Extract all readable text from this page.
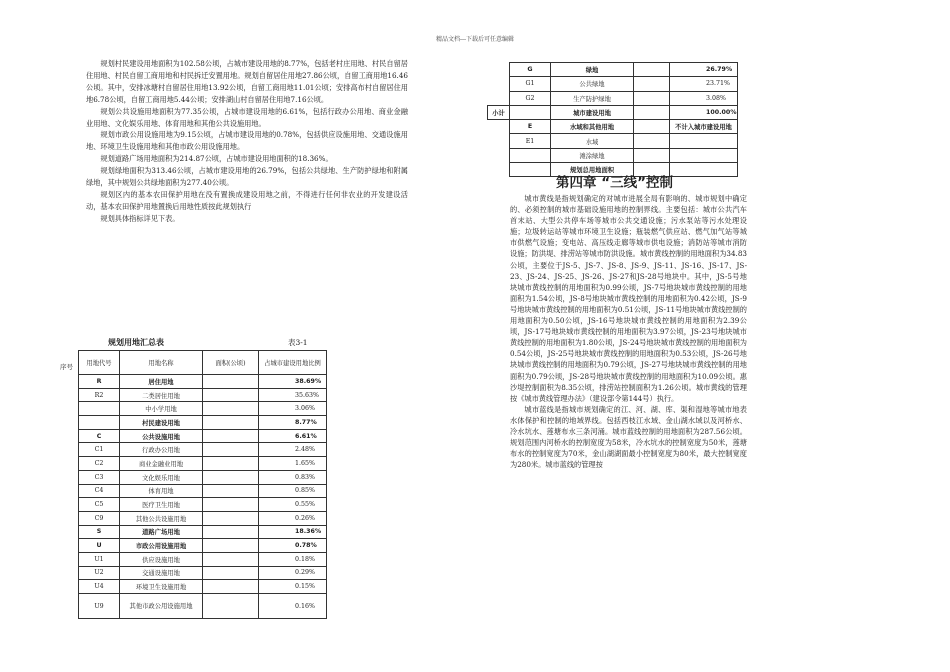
精品文档---下载后可任意编辑

规划村民建设用地面积为102.58公顷，占城市建设用地的8.77%，包括老村庄用地、村民自留居住用地、村民自留工商用地和村民拆迁安置用地。规划自留居住用地27.86公顷，自留工商用地16.46公顷。其中，安排冰塘村自留居住用地13.92公顷，自留工商用地11.01公顷；安排高布村自留居住用地6.78公顷，自留工商用地5.44公顷；安排湖山村自留居住用地7.16公顷。

规划公共设施用地面积为77.35公顷，占城市建设用地的6.61%，包括行政办公用地、商业金融业用地、文化娱乐用地、体育用地和其他公共设施用地。

规划市政公用设施用地为9.15公顷，占城市建设用地的0.78%，包括供应设施用地、交通设施用地、环境卫生设施用地和其他市政公用设施用地。

规划道路广场用地面积为214.87公顷，占城市建设用地面积的18.36%。

规划绿地面积为313.46公顷，占城市建设用地的26.79%，包括公共绿地、生产防护绿地和附属绿地，其中规划公共绿地面积为277.40公顷。

规划区内的基本农田保护用地在没有置换成建设用地之前，不得进行任何非农业的开发建设活动，基本农田保护用地置换后用地性质按此规划执行

规划具体指标详见下表。

规划用地汇总表	表3-1
序号 用地代号	用地名称	面积(公顷)	占城市建设用地比例
R	居住用地		38.69%
R2	二类居住用地		35.63%
	中小学用地		3.06%
	村民建设用地		8.77%
C	公共设施用地		6.61%
C1	行政办公用地		2.48%
C2	商业金融业用地		1.65%
C3	文化娱乐用地		0.83%
C4	体育用地		0.85%
C5	医疗卫生用地		0.55%
C9	其他公共设施用地		0.26%
S	道路广场用地		18.36%
U	市政公用设施用地		0.78%
U1	供应设施用地		0.18%
U2	交通设施用地		0.29%
U4	环境卫生设施用地		0.15%
U9	其他市政公用设施用地		0.16%
	G	绿地		26.79%
	G1	公共绿地		23.71%
	G2	生产防护绿地		3.08%
小计		城市建设用地		100.00%
	E	水域和其他用地		不计入城市建设用地
	E1	水域		
		滩涂绿地		
		规划总用地面积		
第四章 “三线”控制

城市黄线是指规划确定的对城市进展全局有影响的、城市规划中确定的、必须控制的城市基础设施用地的控制界线。主要包括：城市公共汽车首末站、大型公共停车场等城市公共交通设施；污水泵站等污水处理设施；垃圾转运站等城市环境卫生设施；瓶装燃气供应站、燃气加气站等城市供燃气设施；变电站、高压线走廊等城市供电设施；消防站等城市消防设施；防洪堤、排涝站等城市防洪设施。城市黄线控制的用地面积为34.83公顷，主要位于JS-5、JS-7、JS-8、JS-9、JS-11、JS-16、JS-17、JS-23、JS-24、JS-25、JS-26、JS-27和JS-28号地块中。其中，JS-5号地块城市黄线控制的用地面积为0.99公顷，JS-7号地块城市黄线控制的用地面积为1.54公顷，JS-8号地块城市黄线控制的用地面积为0.42公顷，JS-9号地块城市黄线控制的用地面积为0.51公顷，JS-11号地块城市黄线控制的用地面积为0.50公顷，JS-16号地块城市黄线控制的用地面积为2.39公顷，JS-17号地块城市黄线控制的用地面积为3.97公顷，JS-23号地块城市黄线控制的用地面积为1.80公顷，JS-24号地块城市黄线控制的用地面积为0.54公顷，JS-25号地块城市黄线控制的用地面积为0.53公顷，JS-26号地块城市黄线控制的用地面积为0.79公顷，JS-27号地块城市黄线控制的用地面积为0.79公顷，JS-28号地块城市黄线控制的用地面积为10.09公顷。惠沙堤控制面积为8.35公顷，排涝站控制面积为1.26公顷。城市黄线的管理按《城市黄线管理办法》（建设部令第144号）执行。

城市蓝线是指城市规划确定的江、河、湖、库、渠和湿地等城市地表水体保护和控制的地域界线。包括西枝江水域、金山湖水域以及河桥水、冷水坑水、莲塘布水三条河涌。城市蓝线控制的用地面积为287.56公顷。规划范围内河桥水的控制宽度为58米，冷水坑水的控制宽度为50米，莲塘布水的控制宽度为70米，金山湖湖面最小控制宽度为80米，最大控制宽度为280米。城市蓝线的管理按
